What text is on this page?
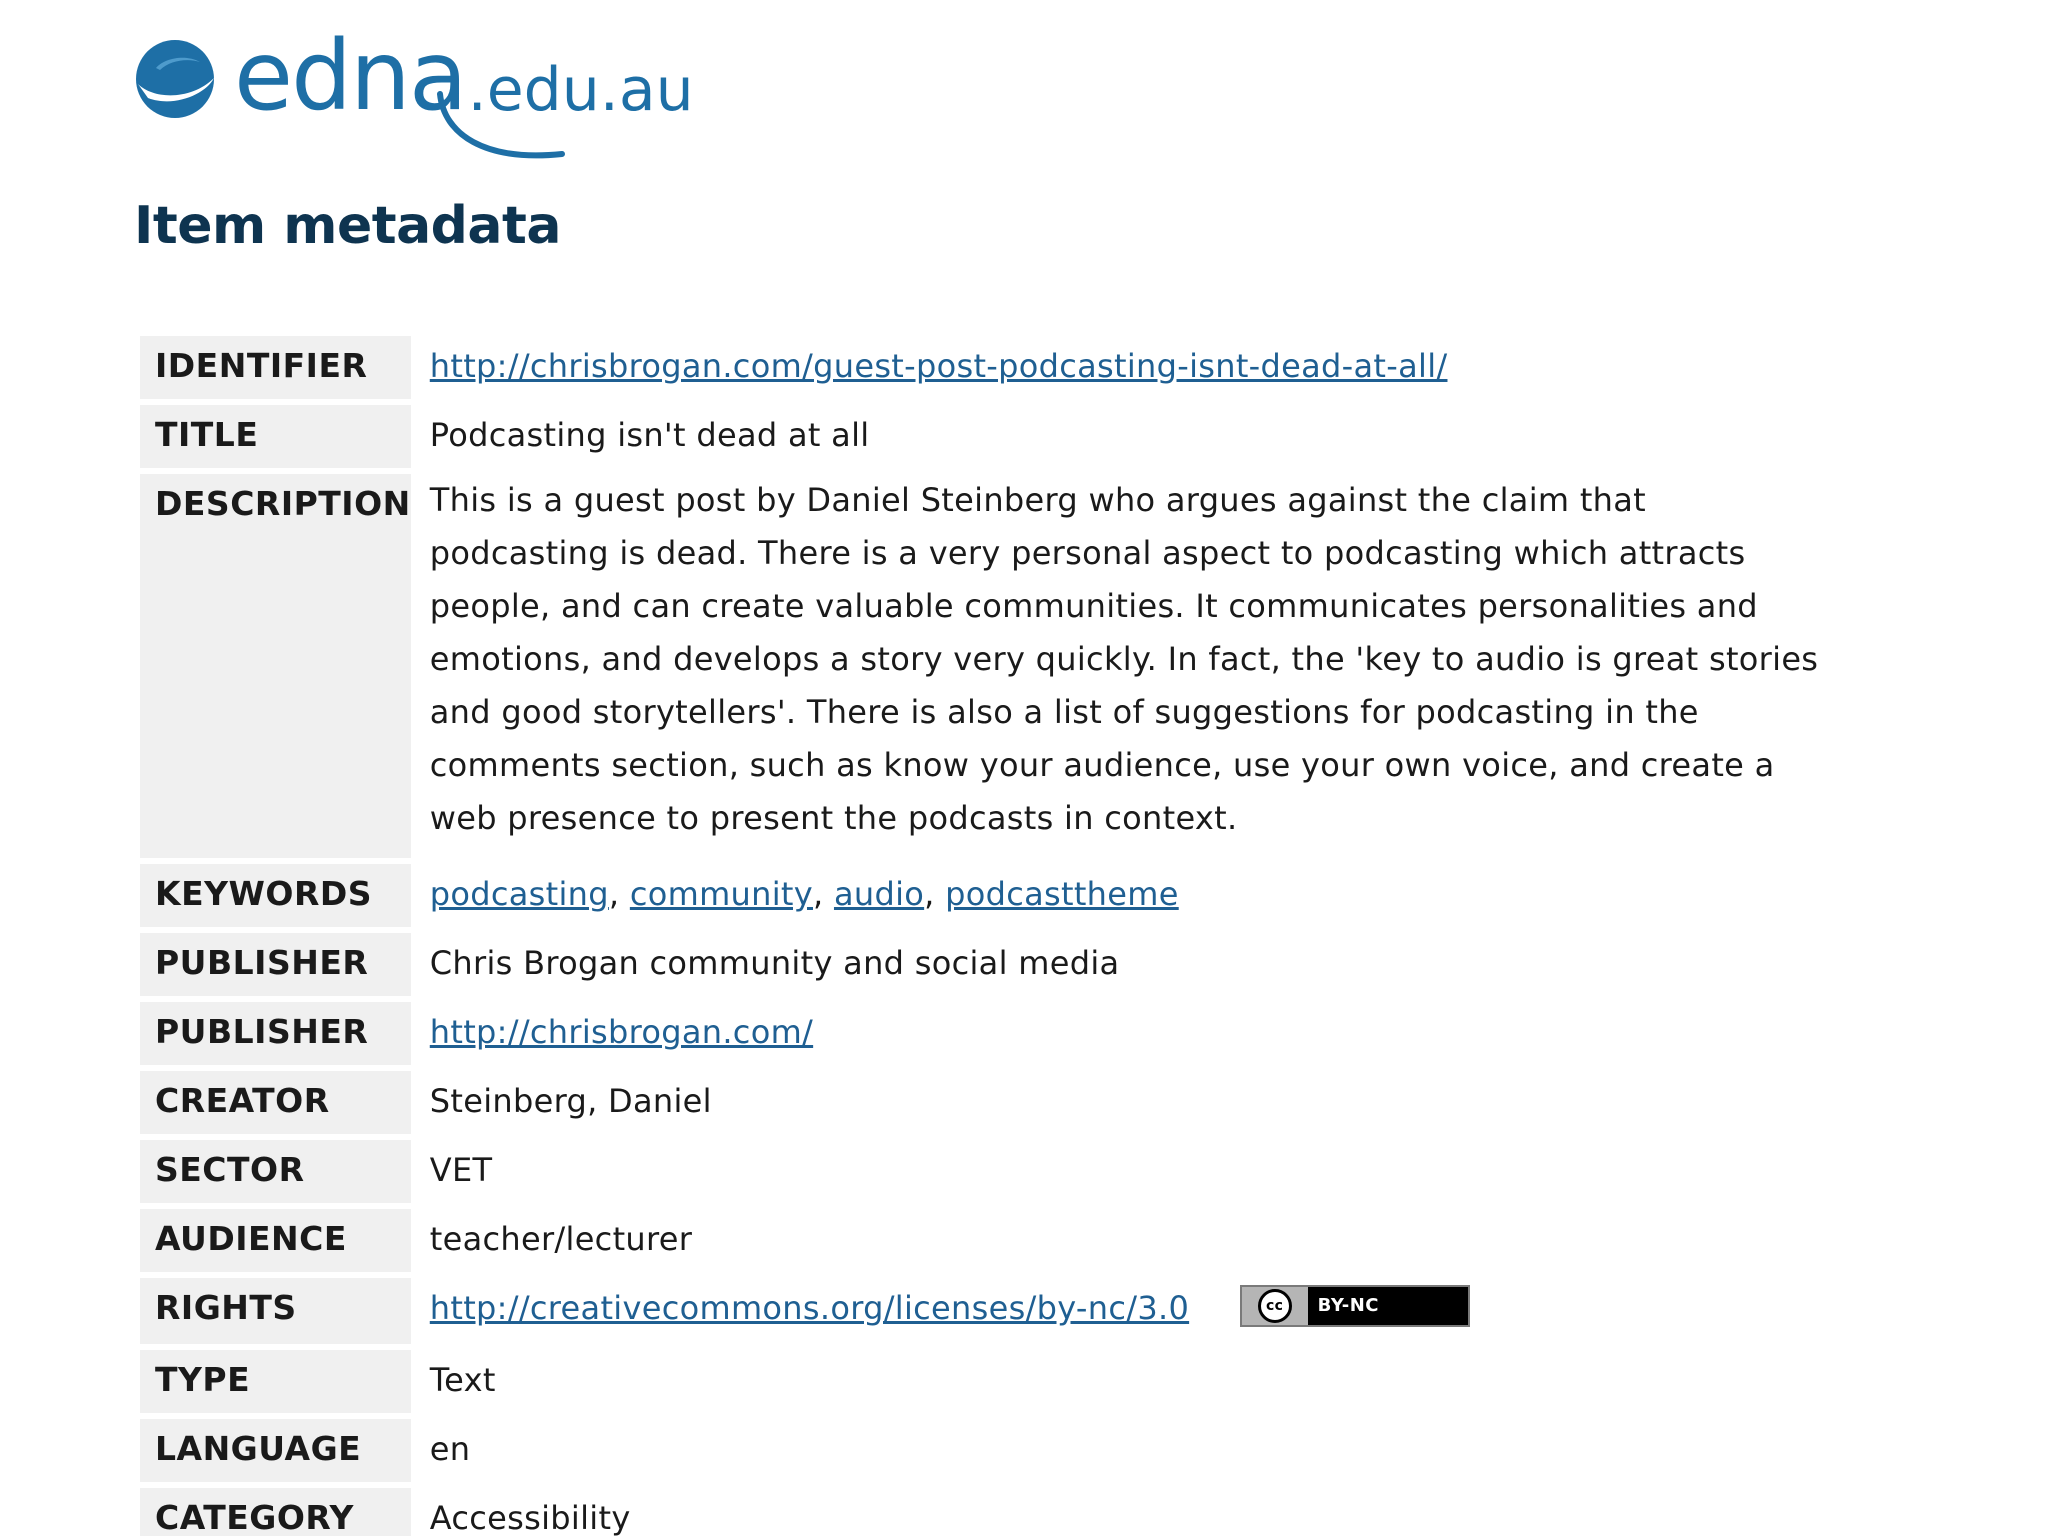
edna .edu.au
Item metadata
IDENTIFIER	http://chrisbrogan.com/guest-post-podcasting-isnt-dead-at-all/
TITLE	Podcasting isn't dead at all
DESCRIPTION	This is a guest post by Daniel Steinberg who argues against the claim that podcasting is dead. There is a very personal aspect to podcasting which attracts people, and can create valuable communities. It communicates personalities and emotions, and develops a story very quickly. In fact, the 'key to audio is great stories and good storytellers'. There is also a list of suggestions for podcasting in the comments section, such as know your audience, use your own voice, and create a web presence to present the podcasts in context.
KEYWORDS	podcasting, community, audio, podcasttheme
PUBLISHER	Chris Brogan community and social media
PUBLISHER	http://chrisbrogan.com/
CREATOR	Steinberg, Daniel
SECTOR	VET
AUDIENCE	teacher/lecturer
RIGHTS	http://creativecommons.org/licenses/by-nc/3.0 cc BY-NC

TYPE	Text
LANGUAGE	en
CATEGORY	Accessibility
